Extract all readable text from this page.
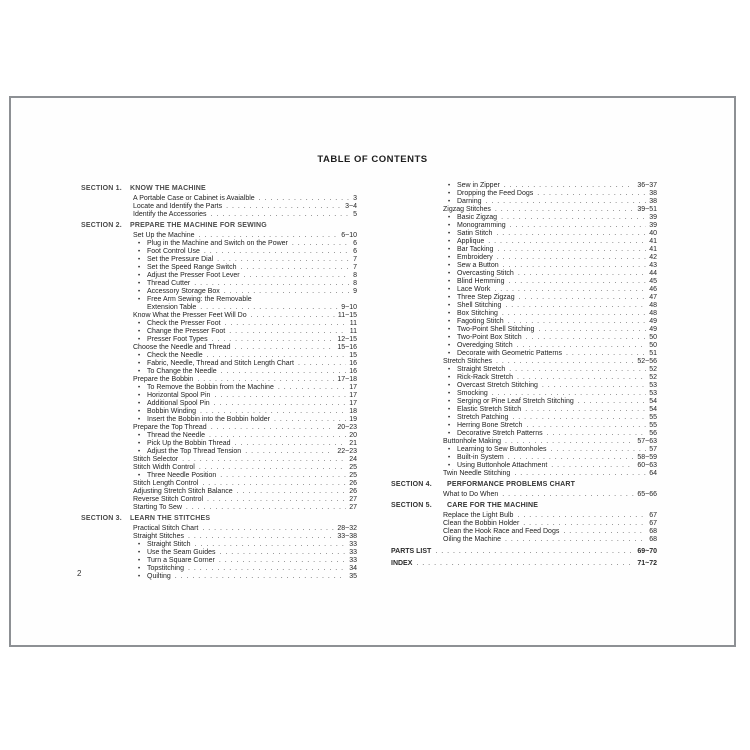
TABLE OF CONTENTS
SECTION 1.	KNOW THE MACHINE
A Portable Case or Cabinet is Avaialble . . .	3
Locate and Identify the Parts . . .	3~4
Identify the Accessories . . .	5
SECTION 2.	PREPARE THE MACHINE FOR SEWING
Set Up the Machine . . .	6~10
• Plug in the Machine and Switch on the Power . . .	6
• Foot Control Use . . .	6
• Set the Pressure Dial . . .	7
• Set the Speed Range Switch . . .	7
• Adjust the Presser Foot Lever . . .	8
• Thread Cutter . . .	8
• Accessory Storage Box . . .	9
• Free Arm Sewing: the Removable
Extension Table . . .	9~10
Know What the Presser Feet Will Do . . .	11~15
• Check the Presser Foot . . .	11
• Change the Presser Foot . . .	11
• Presser Foot Types . . .	12~15
Choose the Needle and Thread . . .	15~16
• Check the Needle . . .	15
• Fabric, Needle, Thread and Stitch Length Chart . . .	16
• To Change the Needle . . .	16
Prepare the Bobbin . . .	17~18
• To Remove the Bobbin from the Machine . . .	17
• Horizontal Spool Pin . . .	17
• Additional Spool Pin . . .	17
• Bobbin Winding . . .	18
• Insert the Bobbin into the Bobbin holder . . .	19
Prepare the Top Thread . . .	20~23
• Thread the Needle . . .	20
• Pick Up the Bobbin Thread . . .	21
• Adjust the Top Thread Tension . . .	22~23
Stitch Selector . . .	24
Stitch Width Control . . .	25
• Three Needle Position . . .	25
Stitch Length Control . . .	26
Adjusting Stretch Stitch Balance . . .	26
Reverse Stitch Control . . .	27
Starting To Sew . . .	27
SECTION 3.	LEARN THE STITCHES
Practical Stitch Chart . . .	28~32
Straight Stitches . . .	33~38
• Straight Stitch . . .	33
• Use the Seam Guides . . .	33
• Turn a Square Corner . . .	33
• Topstitching . . .	34
• Quilting . . .	35
• Sew in Zipper . . .	36~37
• Dropping the Feed Dogs . . .	38
• Darning . . .	38
Zigzag Stitches . . .	39~51
• Basic Zigzag . . .	39
• Monogramming . . .	39
• Satin Stitch . . .	40
• Applique . . .	41
• Bar Tacking . . .	41
• Embroidery . . .	42
• Sew a Button . . .	43
• Overcasting Stitch . . .	44
• Blind Hemming . . .	45
• Lace Work . . .	46
• Three Step Zigzag . . .	47
• Shell Stitching . . .	48
• Box Stitching . . .	48
• Fagoting Stitch . . .	49
• Two-Point Shell Stitching . . .	49
• Two-Point Box Stitch . . .	50
• Overedging Stitch . . .	50
• Decorate with Geometric Patterns . . .	51
Stretch Stitches . . .	52~56
• Straight Stretch . . .	52
• Rick-Rack Stretch . . .	52
• Overcast Stretch Stitching . . .	53
• Smocking . . .	53
• Serging or Pine Leaf Stretch Stitching . . .	54
• Elastic Stretch Stitch . . .	54
• Stretch Patching . . .	55
• Herring Bone Stretch . . .	55
• Decorative Stretch Patterns . . .	56
Buttonhole Making . . .	57~63
• Learning to Sew Buttonholes . . .	57
• Built-in System . . .	58~59
• Using Buttonhole Attachment . . .	60~63
Twin Needle Stitching . . .	64
SECTION 4.	PERFORMANCE PROBLEMS CHART
What to Do When . . .	65~66
SECTION 5.	CARE FOR THE MACHINE
Replace the Light Bulb . . .	67
Clean the Bobbin Holder . . .	67
Clean the Hook Race and Feed Dogs . . .	68
Oiling the Machine . . .	68
PARTS LIST . . .	69~70
INDEX . . .	71~72
2
